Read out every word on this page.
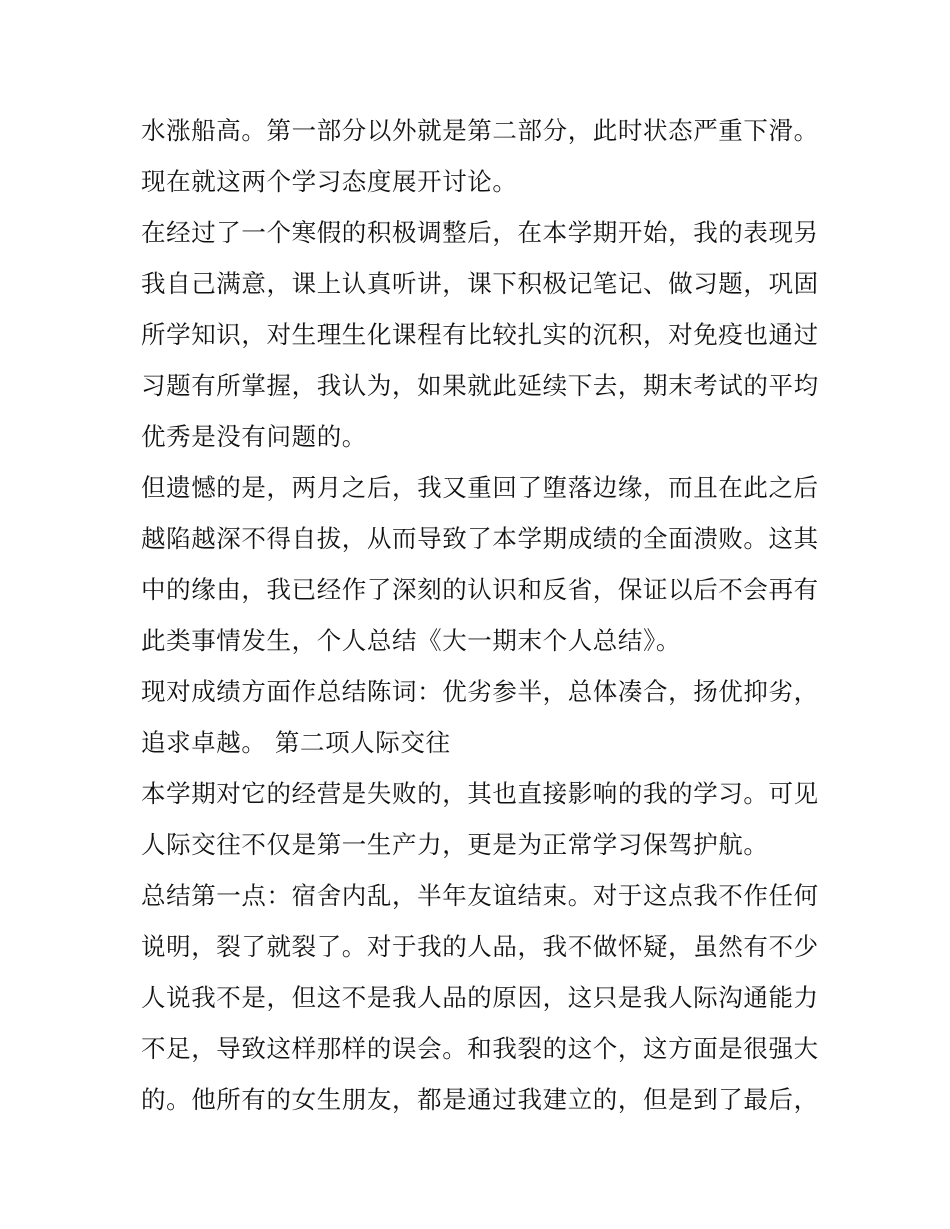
水涨船高。第一部分以外就是第二部分，此时状态严重下滑。
现在就这两个学习态度展开讨论。
在经过了一个寒假的积极调整后，在本学期开始，我的表现另
我自己满意，课上认真听讲，课下积极记笔记、做习题，巩固
所学知识，对生理生化课程有比较扎实的沉积，对免疫也通过
习题有所掌握，我认为，如果就此延续下去，期末考试的平均
优秀是没有问题的。
但遗憾的是，两月之后，我又重回了堕落边缘，而且在此之后
越陷越深不得自拔，从而导致了本学期成绩的全面溃败。这其
中的缘由，我已经作了深刻的认识和反省，保证以后不会再有
此类事情发生，个人总结《大一期末个人总结》。
现对成绩方面作总结陈词：优劣参半，总体凑合，扬优抑劣，
追求卓越。 第二项人际交往
本学期对它的经营是失败的，其也直接影响的我的学习。可见
人际交往不仅是第一生产力，更是为正常学习保驾护航。
总结第一点：宿舍内乱，半年友谊结束。对于这点我不作任何
说明，裂了就裂了。对于我的人品，我不做怀疑，虽然有不少
人说我不是，但这不是我人品的原因，这只是我人际沟通能力
不足，导致这样那样的误会。和我裂的这个，这方面是很强大
的。他所有的女生朋友，都是通过我建立的，但是到了最后，
